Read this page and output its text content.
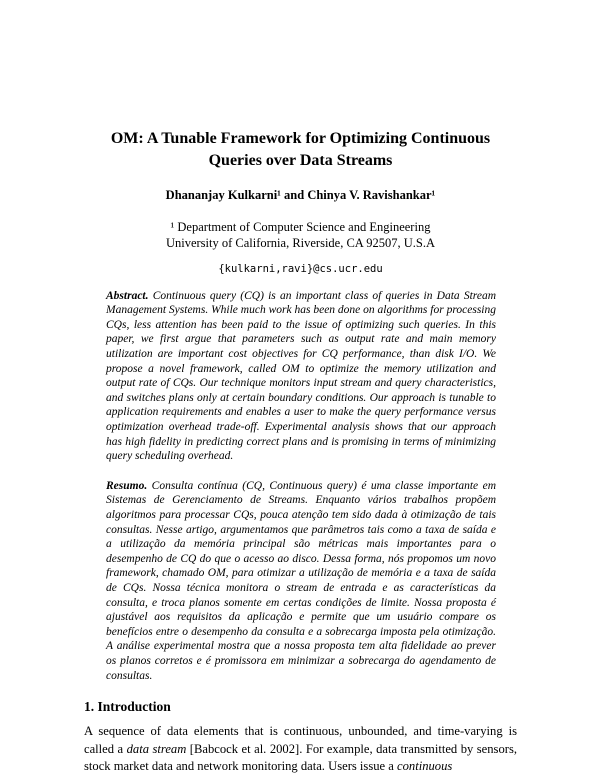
OM: A Tunable Framework for Optimizing Continuous Queries over Data Streams
Dhananjay Kulkarni¹ and Chinya V. Ravishankar¹
¹ Department of Computer Science and Engineering
University of California, Riverside, CA 92507, U.S.A
{kulkarni,ravi}@cs.ucr.edu

Abstract. Continuous query (CQ) is an important class of queries in Data Stream Management Systems. While much work has been done on algorithms for processing CQs, less attention has been paid to the issue of optimizing such queries. In this paper, we first argue that parameters such as output rate and main memory utilization are important cost objectives for CQ performance, than disk I/O. We propose a novel framework, called OM to optimize the memory utilization and output rate of CQs. Our technique monitors input stream and query characteristics, and switches plans only at certain boundary conditions. Our approach is tunable to application requirements and enables a user to make the query performance versus optimization overhead trade-off. Experimental analysis shows that our approach has high fidelity in predicting correct plans and is promising in terms of minimizing query scheduling overhead.

Resumo. Consulta contínua (CQ, Continuous query) é uma classe importante em Sistemas de Gerenciamento de Streams. Enquanto vários trabalhos propõem algoritmos para processar CQs, pouca atenção tem sido dada à otimização de tais consultas. Nesse artigo, argumentamos que parâmetros tais como a taxa de saída e a utilização da memória principal são métricas mais importantes para o desempenho de CQ do que o acesso ao disco. Dessa forma, nós propomos um novo framework, chamado OM, para otimizar a utilização de memória e a taxa de saída de CQs. Nossa técnica monitora o stream de entrada e as características da consulta, e troca planos somente em certas condições de limite. Nossa proposta é ajustável aos requisitos da aplicação e permite que um usuário compare os benefícios entre o desempenho da consulta e a sobrecarga imposta pela otimização. A análise experimental mostra que a nossa proposta tem alta fidelidade ao prever os planos corretos e é promissora em minimizar a sobrecarga do agendamento de consultas.

1. Introduction

A sequence of data elements that is continuous, unbounded, and time-varying is called a data stream [Babcock et al. 2002]. For example, data transmitted by sensors, stock market data and network monitoring data. Users issue a continuous
